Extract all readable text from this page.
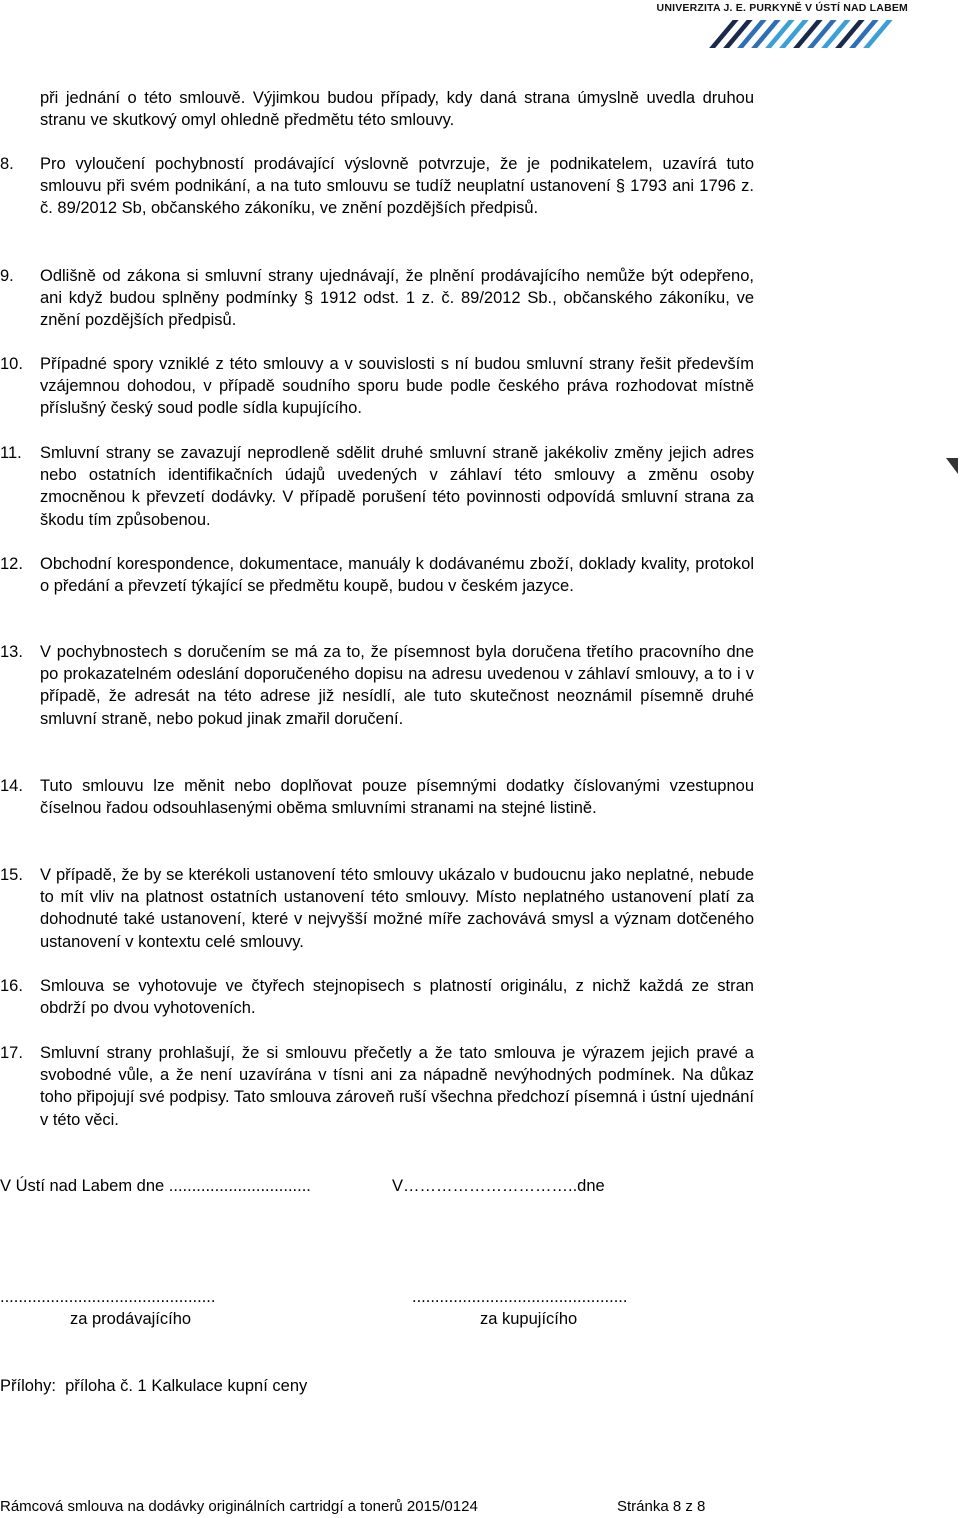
UNIVERZITA J. E. PURKYNĚ V ÚSTÍ NAD LABEM
při jednání o této smlouvě. Výjimkou budou případy, kdy daná strana úmyslně uvedla druhou stranu ve skutkový omyl ohledně předmětu této smlouvy.
8. Pro vyloučení pochybností prodávající výslovně potvrzuje, že je podnikatelem, uzavírá tuto smlouvu při svém podnikání, a na tuto smlouvu se tudíž neuplatní ustanovení § 1793 ani 1796 z. č. 89/2012 Sb, občanského zákoníku, ve znění pozdějších předpisů.
9. Odlišně od zákona si smluvní strany ujednávají, že plnění prodávajícího nemůže být odepřeno, ani když budou splněny podmínky § 1912 odst. 1 z. č. 89/2012 Sb., občanského zákoníku, ve znění pozdějších předpisů.
10. Případné spory vzniklé z této smlouvy a v souvislosti s ní budou smluvní strany řešit především vzájemnou dohodou, v případě soudního sporu bude podle českého práva rozhodovat místně příslušný český soud podle sídla kupujícího.
11. Smluvní strany se zavazují neprodleně sdělit druhé smluvní straně jakékoliv změny jejich adres nebo ostatních identifikačních údajů uvedených v záhlaví této smlouvy a změnu osoby zmocněnou k převzetí dodávky. V případě porušení této povinnosti odpovídá smluvní strana za škodu tím způsobenou.
12. Obchodní korespondence, dokumentace, manuály k dodávanému zboží, doklady kvality, protokol o předání a převzetí týkající se předmětu koupě, budou v českém jazyce.
13. V pochybnostech s doručením se má za to, že písemnost byla doručena třetího pracovního dne po prokazatelném odeslání doporučeného dopisu na adresu uvedenou v záhlaví smlouvy, a to i v případě, že adresát na této adrese již nesídlí, ale tuto skutečnost neoznámil písemně druhé smluvní straně, nebo pokud jinak zmařil doručení.
14. Tuto smlouvu lze měnit nebo doplňovat pouze písemnými dodatky číslovanými vzestupnou číselnou řadou odsouhlasenými oběma smluvními stranami na stejné listině.
15. V případě, že by se kterékoli ustanovení této smlouvy ukázalo v budoucnu jako neplatné, nebude to mít vliv na platnost ostatních ustanovení této smlouvy. Místo neplatného ustanovení platí za dohodnuté také ustanovení, které v nejvyšší možné míře zachovává smysl a význam dotčeného ustanovení v kontextu celé smlouvy.
16. Smlouva se vyhotovuje ve čtyřech stejnopisech s platností originálu, z nichž každá ze stran obdrží po dvou vyhotoveních.
17. Smluvní strany prohlašují, že si smlouvu přečetly a že tato smlouva je výrazem jejich pravé a svobodné vůle, a že není uzavírána v tísni ani za nápadně nevýhodných podmínek. Na důkaz toho připojují své podpisy. Tato smlouva zároveň ruší všechna předchozí písemná i ústní ujednání v této věci.
V Ústí nad Labem dne ...............................	V…………………………..dne
...............................................	...............................................
za prodávajícího	za kupujícího
Přílohy:  příloha č. 1 Kalkulace kupní ceny
Rámcová smlouva na dodávky originálních cartridgí a tonerů 2015/0124	Stránka 8 z 8
